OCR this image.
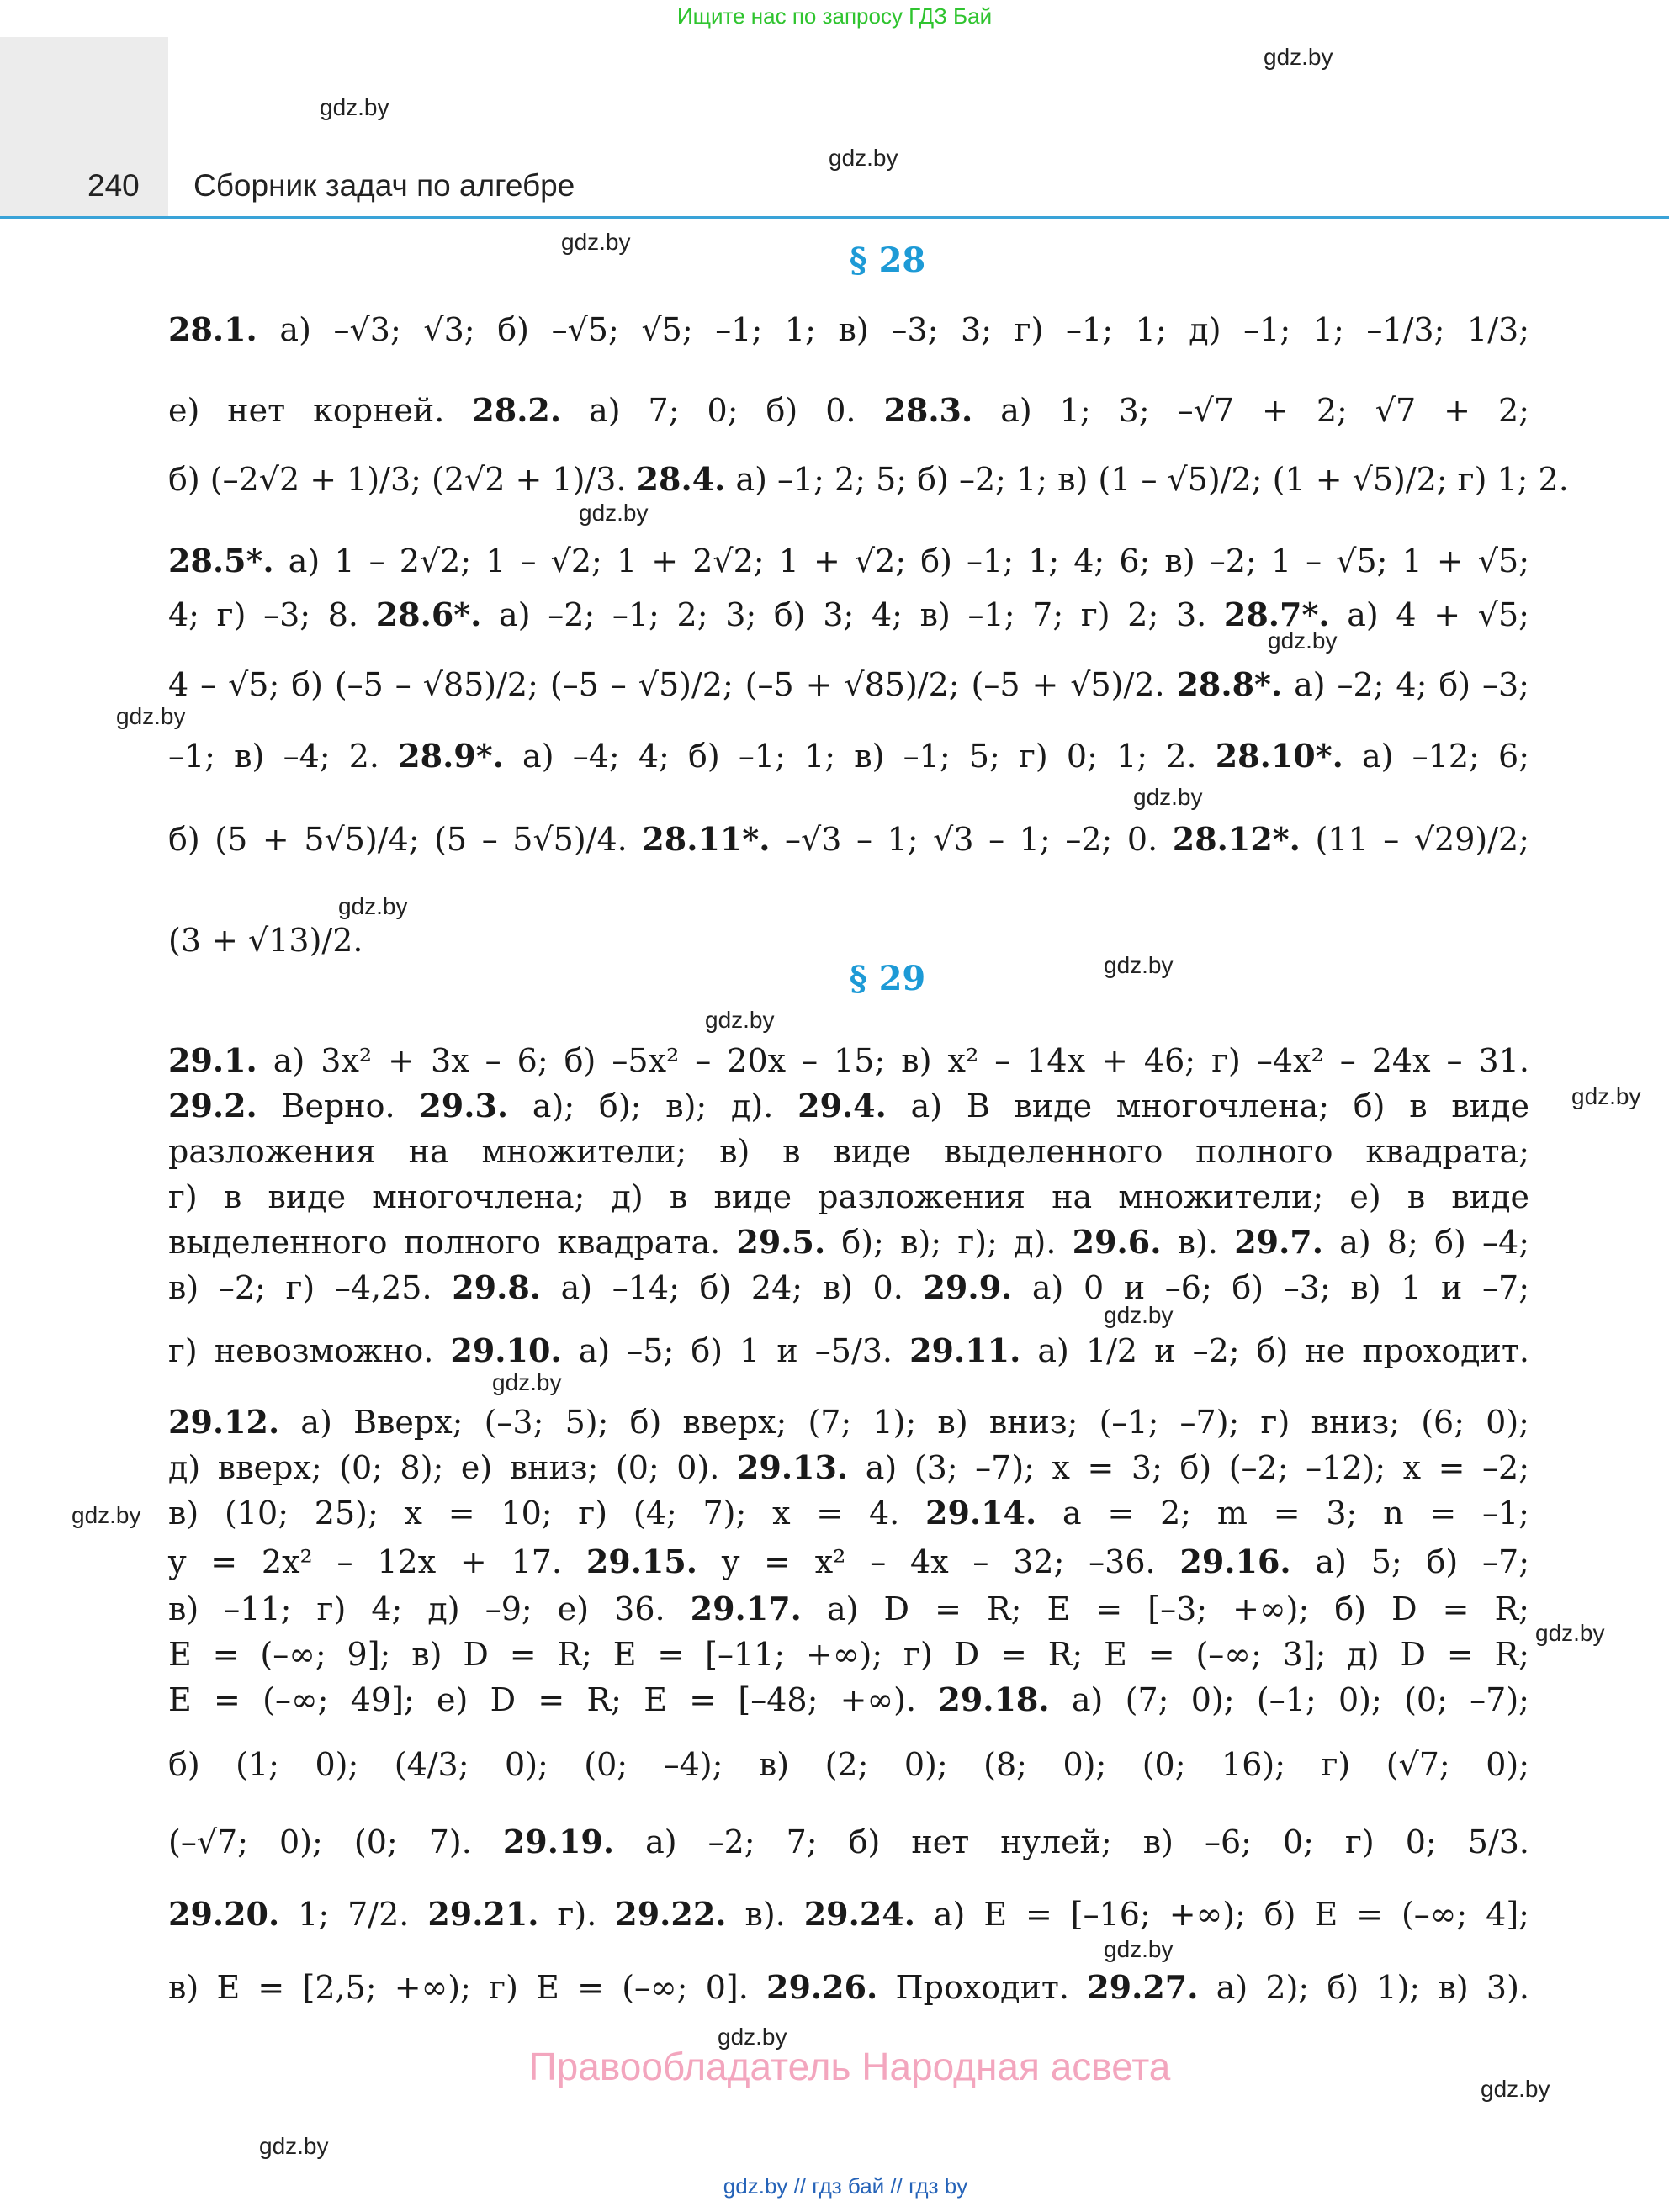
Ищите нас по запросу ГДЗ Бай
240 Сборник задач по алгебре
gdz.by
gdz.by
gdz.by
gdz.by
gdz.by
gdz.by
gdz.by
gdz.by
gdz.by
gdz.by
gdz.by
gdz.by
gdz.by
gdz.by
gdz.by
gdz.by
gdz.by
gdz.by
gdz.by
gdz.by
§ 28
§ 29
28.1. а) –√3; √3; б) –√5; √5; –1; 1; в) –3; 3; г) –1; 1; д) –1; 1; –1/3; 1/3;
е) нет корней. 28.2. а) 7; 0; б) 0. 28.3. а) 1; 3; –√7 + 2; √7 + 2;
б) (–2√2 + 1)/3; (2√2 + 1)/3. 28.4. а) –1; 2; 5; б) –2; 1; в) (1 – √5)/2; (1 + √5)/2; г) 1; 2.
28.5*. а) 1 – 2√2; 1 – √2; 1 + 2√2; 1 + √2; б) –1; 1; 4; 6; в) –2; 1 – √5; 1 + √5;
4; г) –3; 8. 28.6*. а) –2; –1; 2; 3; б) 3; 4; в) –1; 7; г) 2; 3. 28.7*. а) 4 + √5;
4 – √5; б) (–5 – √85)/2; (–5 – √5)/2; (–5 + √85)/2; (–5 + √5)/2. 28.8*. а) –2; 4; б) –3;
–1; в) –4; 2. 28.9*. а) –4; 4; б) –1; 1; в) –1; 5; г) 0; 1; 2. 28.10*. а) –12; 6;
б) (5 + 5√5)/4; (5 – 5√5)/4. 28.11*. –√3 – 1; √3 – 1; –2; 0. 28.12*. (11 – √29)/2;
(3 + √13)/2.
29.1. а) 3x² + 3x – 6; б) –5x² – 20x – 15; в) x² – 14x + 46; г) –4x² – 24x – 31.
29.2. Верно. 29.3. а); б); в); д). 29.4. а) В виде многочлена; б) в виде
разложения на множители; в) в виде выделенного полного квадрата;
г) в виде многочлена; д) в виде разложения на множители; е) в виде
выделенного полного квадрата. 29.5. б); в); г); д). 29.6. в). 29.7. а) 8; б) –4;
в) –2; г) –4,25. 29.8. а) –14; б) 24; в) 0. 29.9. а) 0 и –6; б) –3; в) 1 и –7;
г) невозможно. 29.10. а) –5; б) 1 и –5/3. 29.11. а) 1/2 и –2; б) не проходит.
29.12. а) Вверх; (–3; 5); б) вверх; (7; 1); в) вниз; (–1; –7); г) вниз; (6; 0);
д) вверх; (0; 8); е) вниз; (0; 0). 29.13. а) (3; –7); x = 3; б) (–2; –12); x = –2;
в) (10; 25); x = 10; г) (4; 7); x = 4. 29.14. a = 2; m = 3; n = –1;
y = 2x² – 12x + 17. 29.15. y = x² – 4x – 32; –36. 29.16. а) 5; б) –7;
в) –11; г) 4; д) –9; е) 36. 29.17. а) D = R; E = [–3; +∞); б) D = R;
E = (–∞; 9]; в) D = R; E = [–11; +∞); г) D = R; E = (–∞; 3]; д) D = R;
E = (–∞; 49]; е) D = R; E = [–48; +∞). 29.18. а) (7; 0); (–1; 0); (0; –7);
б) (1; 0); (4/3; 0); (0; –4); в) (2; 0); (8; 0); (0; 16); г) (√7; 0);
(–√7; 0); (0; 7). 29.19. а) –2; 7; б) нет нулей; в) –6; 0; г) 0; 5/3.
29.20. 1; 7/2. 29.21. г). 29.22. в). 29.24. а) E = [–16; +∞); б) E = (–∞; 4];
в) E = [2,5; +∞); г) E = (–∞; 0]. 29.26. Проходит. 29.27. а) 2); б) 1); в) 3).
Правообладатель Народная асвета
gdz.by // гдз бай // гдз by
